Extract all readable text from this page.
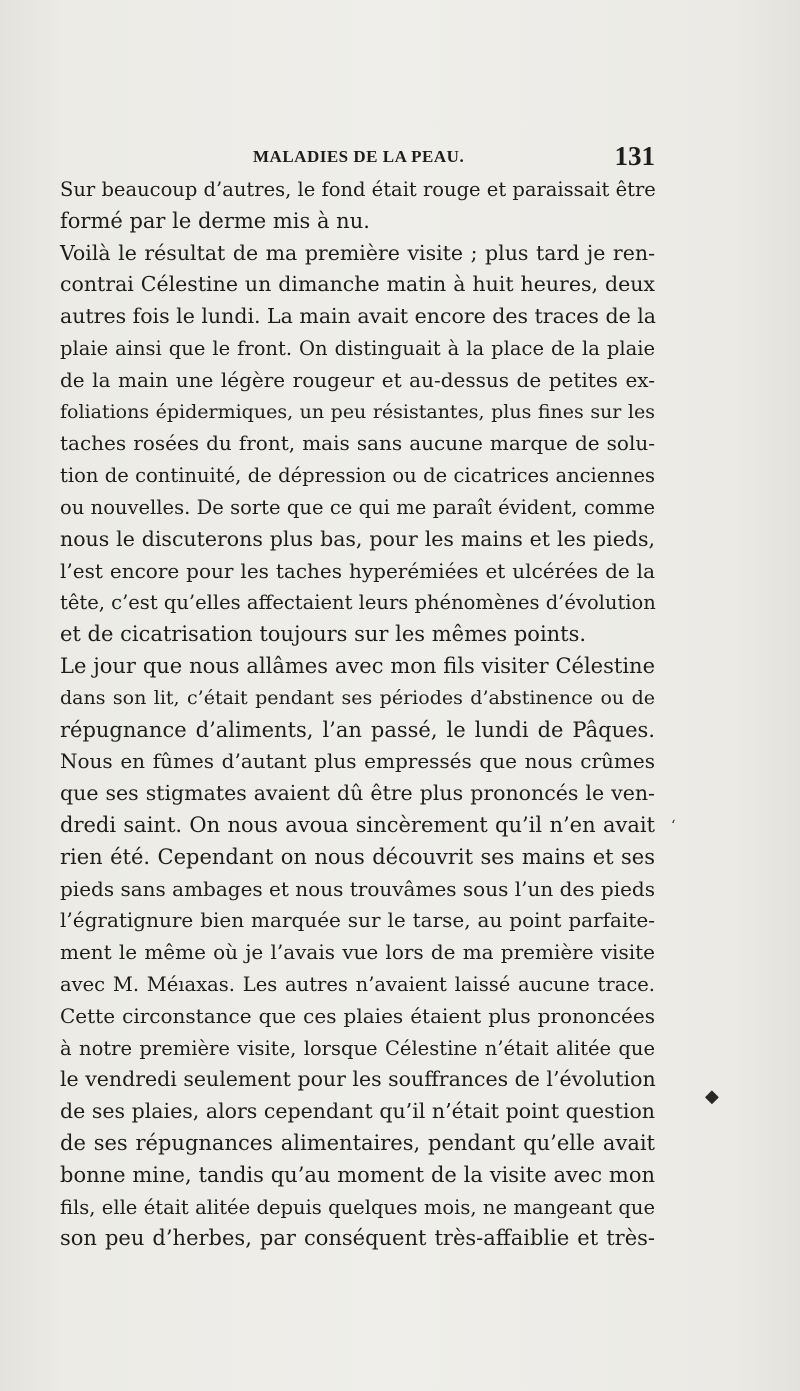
MALADIES DE LA PEAU.	131
Sur beaucoup d’autres, le fond était rouge et paraissait être
formé par le derme mis à nu.
Voilà le résultat de ma première visite ; plus tard je ren-
contrai Célestine un dimanche matin à huit heures, deux
autres fois le lundi. La main avait encore des traces de la
plaie ainsi que le front. On distinguait à la place de la plaie
de la main une légère rougeur et au-dessus de petites ex-
foliations épidermiques, un peu résistantes, plus fines sur les
taches rosées du front, mais sans aucune marque de solu-
tion de continuité, de dépression ou de cicatrices anciennes
ou nouvelles. De sorte que ce qui me paraît évident, comme
nous le discuterons plus bas, pour les mains et les pieds,
l’est encore pour les taches hyperémiées et ulcérées de la
tête, c’est qu’elles affectaient leurs phénomènes d’évolution
et de cicatrisation toujours sur les mêmes points.
Le jour que nous allâmes avec mon fils visiter Célestine
dans son lit, c’était pendant ses périodes d’abstinence ou de
répugnance d’aliments, l’an passé, le lundi de Pâques.
Nous en fûmes d’autant plus empressés que nous crûmes
que ses stigmates avaient dû être plus prononcés le ven-
dredi saint. On nous avoua sincèrement qu’il n’en avait
rien été. Cependant on nous découvrit ses mains et ses
pieds sans ambages et nous trouvâmes sous l’un des pieds
l’égratignure bien marquée sur le tarse, au point parfaite-
ment le même où je l’avais vue lors de ma première visite
avec M. Méıaxas. Les autres n’avaient laissé aucune trace.
Cette circonstance que ces plaies étaient plus prononcées
à notre première visite, lorsque Célestine n’était alitée que
le vendredi seulement pour les souffrances de l’évolution
de ses plaies, alors cependant qu’il n’était point question
de ses répugnances alimentaires, pendant qu’elle avait
bonne mine, tandis qu’au moment de la visite avec mon
fils, elle était alitée depuis quelques mois, ne mangeant que
son peu d’herbes, par conséquent très-affaiblie et très-
‘
◆
